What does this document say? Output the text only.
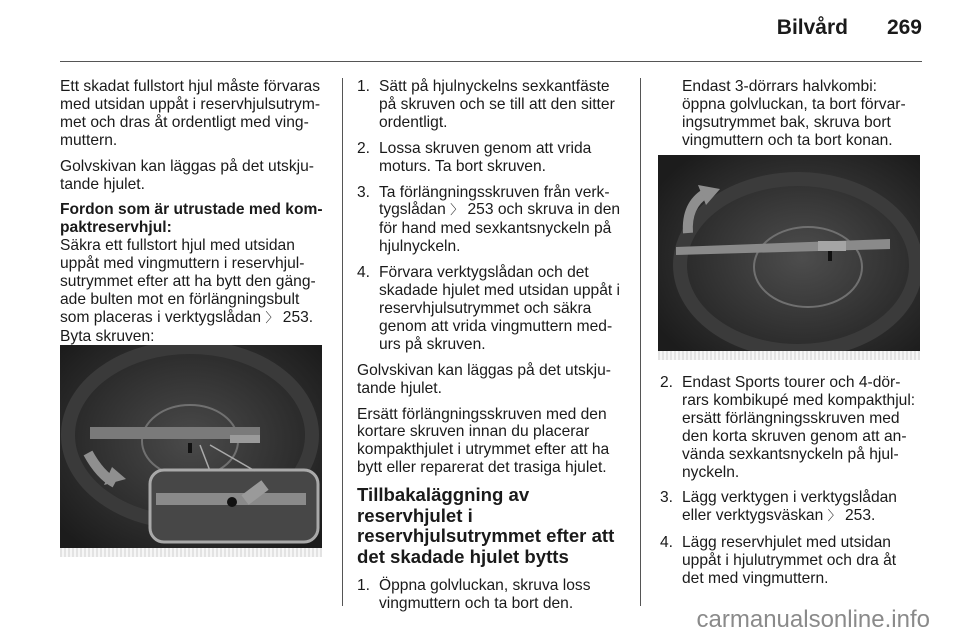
Bilvård	269

Ett skadat fullstort hjul måste förvaras med utsidan uppåt i reservhjulsutrymmet och dras åt ordentligt med vingmuttern.

Golvskivan kan läggas på det utskjutande hjulet.

Fordon som är utrustade med kompaktreservhjul:

Säkra ett fullstort hjul med utsidan uppåt med vingmuttern i reservhjulsutrymmet efter att ha bytt den gängade bulten mot en förlängningsbult som placeras i verktygslådan 〉 253.

Byta skruven:

1. Sätt på hjulnyckelns sexkantfäste på skruven och se till att den sitter ordentligt.
2. Lossa skruven genom att vrida moturs. Ta bort skruven.
3. Ta förlängningsskruven från verktygslådan 〉 253 och skruva in den för hand med sexkantsnyckeln på hjulnyckeln.
4. Förvara verktygslådan och det skadade hjulet med utsidan uppåt i reservhjulsutrymmet och säkra genom att vrida vingmuttern medurs på skruven.

Golvskivan kan läggas på det utskjutande hjulet.

Ersätt förlängningsskruven med den kortare skruven innan du placerar kompakthjulet i utrymmet efter att ha bytt eller reparerat det trasiga hjulet.

Tillbakaläggning av reservhjulet i reservhjulsutrymmet efter att det skadade hjulet bytts
1. Öppna golvluckan, skruva loss vingmuttern och ta bort den.

Endast 3-dörrars halvkombi: öppna golvluckan, ta bort förvaringsutrymmet bak, skruva bort vingmuttern och ta bort konan.

2. Endast Sports tourer och 4-dörrars kombikupé med kompakthjul: ersätt förlängningsskruven med den korta skruven genom att använda sexkantsnyckeln på hjulnyckeln.
3. Lägg verktygen i verktygslådan eller verktygsväskan 〉 253.
4. Lägg reservhjulet med utsidan uppåt i hjulutrymmet och dra åt det med vingmuttern.
carmanualsonline.info
